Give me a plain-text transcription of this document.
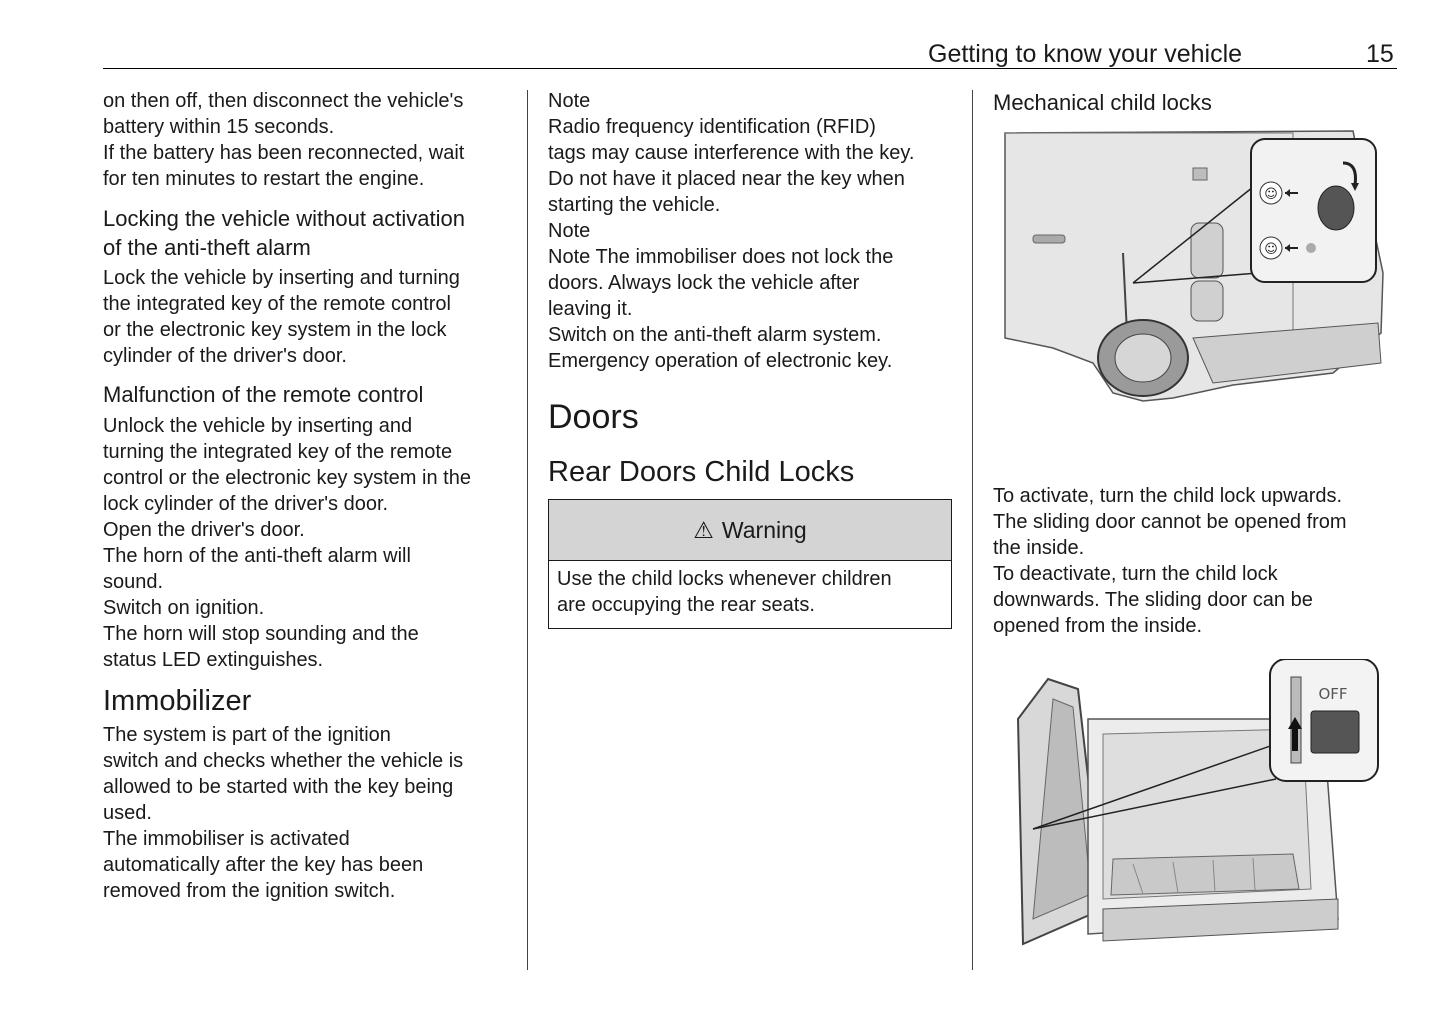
Getting to know your vehicle	15

on then off, then disconnect the vehicle's

battery within 15 seconds.

If the battery has been reconnected, wait

for ten minutes to restart the engine.

Locking the vehicle without activation

of the anti-theft alarm

Lock the vehicle by inserting and turning

the integrated key of the remote control

or the electronic key system in the lock

cylinder of the driver's door.

Malfunction of the remote control

Unlock the vehicle by inserting and

turning the integrated key of the remote

control or the electronic key system in the

lock cylinder of the driver's door.

Open the driver's door.

The horn of the anti-theft alarm will

sound.

Switch on ignition.

The horn will stop sounding and the

status LED extinguishes.

Immobilizer

The system is part of the ignition

switch and checks whether the vehicle is

allowed to be started with the key being

used.

The immobiliser is activated

automatically after the key has been

removed from the ignition switch.

Note

Radio frequency identification (RFID)

tags may cause interference with the key.

Do not have it placed near the key when

starting the vehicle.

Note

Note The immobiliser does not lock the

doors. Always lock the vehicle after

leaving it.

Switch on the anti-theft alarm system.

Emergency operation of electronic key.

Doors

Rear Doors Child Locks

⚠ Warning

Use the child locks whenever children

are occupying the rear seats.

Mechanical child locks

☺
☺

To activate, turn the child lock upwards.

The sliding door cannot be opened from

the inside.

To deactivate, turn the child lock

downwards. The sliding door can be

opened from the inside.

OFF
